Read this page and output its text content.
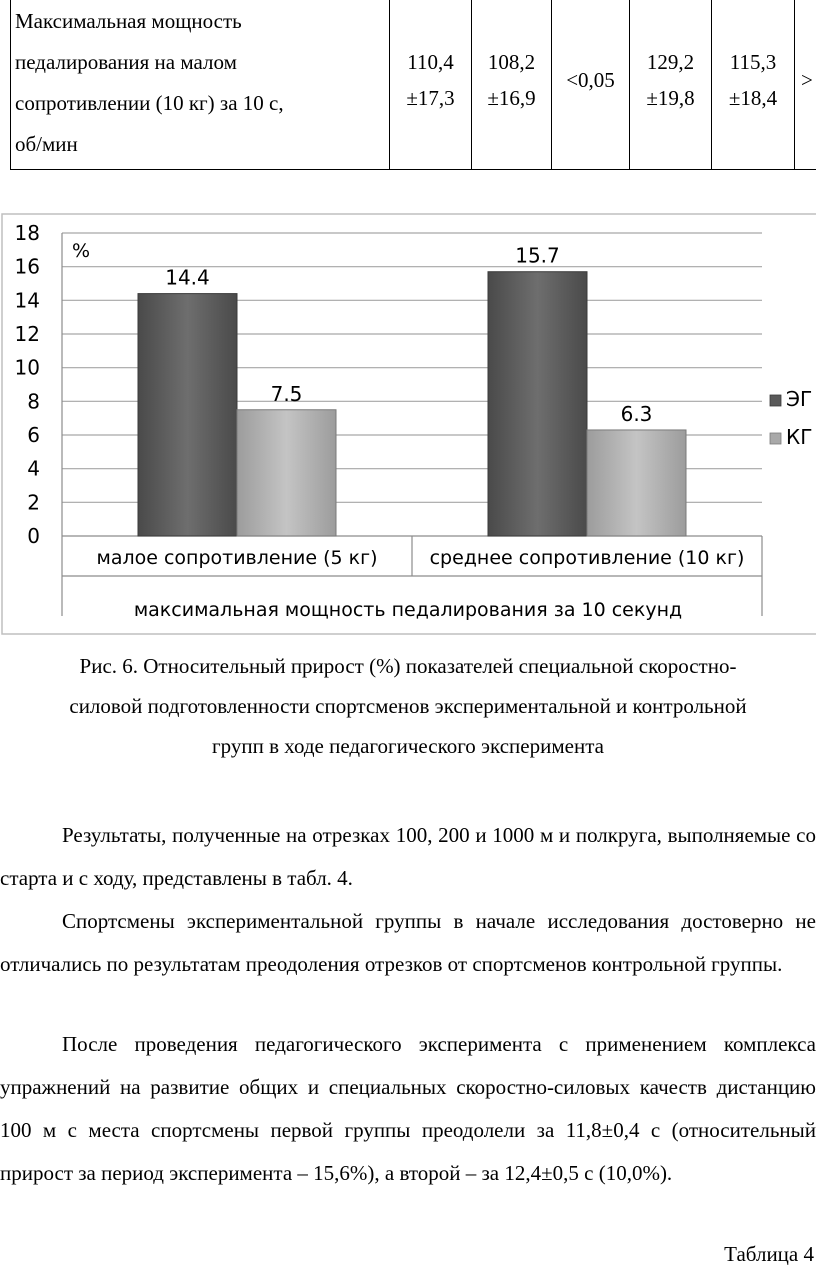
Максимальная мощность
педалирования на малом
сопротивлении (10 кг) за 10 с,
об/мин
110,4
±17,3
108,2
±16,9
<0,05
129,2
±19,8
115,3
±18,4
>
0
2
4
6
8
10
12
14
16
18
14.4
7.5
малое сопротивление (5 кг)
15.7
6.3
среднее сопротивление (10 кг)
ЭГ
КГ
%
максимальная мощность педалирования за 10 секунд
Рис. 6. Относительный прирост (%) показателей специальной скоростно-
силовой подготовленности спортсменов экспериментальной и контрольной
групп в ходе педагогического эксперимента
Результаты, полученные на отрезках 100, 200 и 1000 м и полкруга, выполняемые со старта и с ходу, представлены в табл. 4.
Спортсмены экспериментальной группы в начале исследования достоверно не отличались по результатам преодоления отрезков от спортсменов контрольной группы.
После проведения педагогического эксперимента с применением комплекса упражнений на развитие общих и специальных скоростно-силовых качеств дистанцию 100 м с места спортсмены первой группы преодолели за 11,8±0,4 с (относительный прирост за период эксперимента – 15,6%), а второй – за 12,4±0,5 с (10,0%).
Таблица 4
